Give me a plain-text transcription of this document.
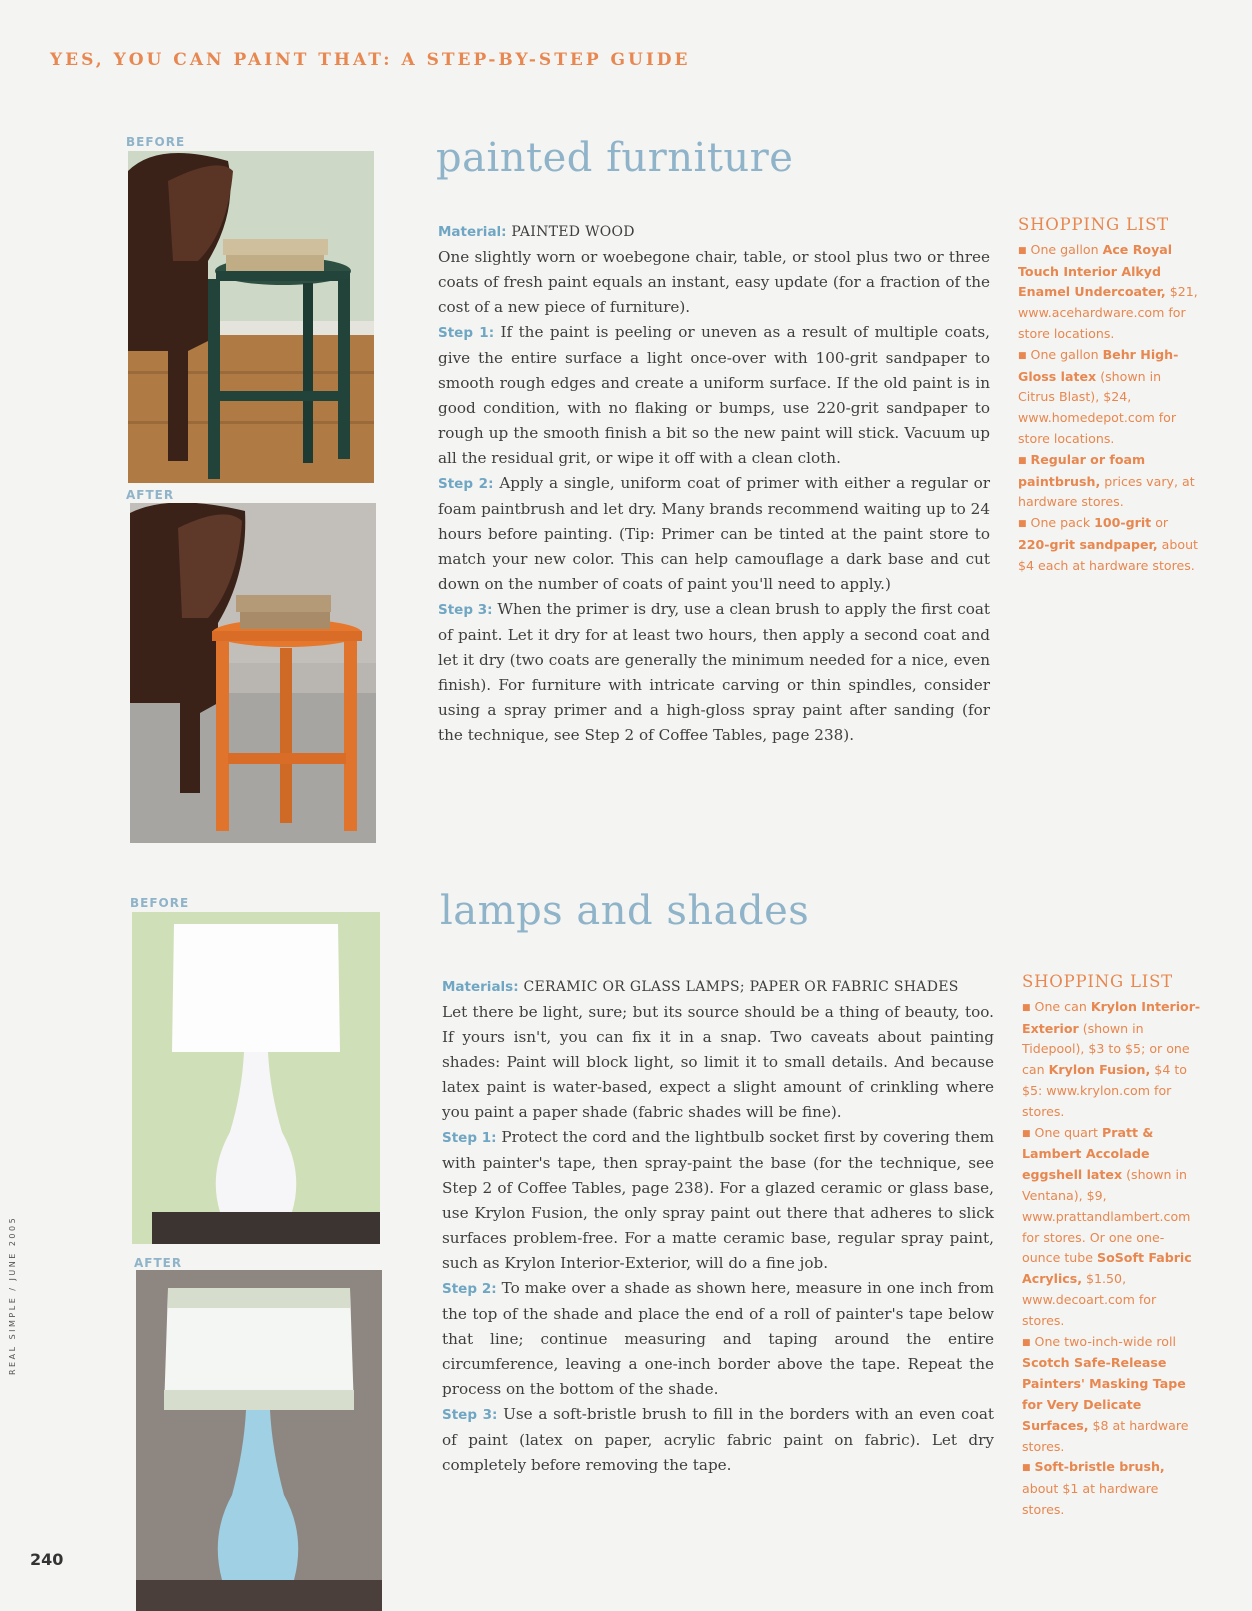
YES, YOU CAN PAINT THAT: A STEP-BY-STEP GUIDE
BEFORE
AFTER
painted furniture

Material: PAINTED WOOD

One slightly worn or woebegone chair, table, or stool plus two or three coats of fresh paint equals an instant, easy update (for a fraction of the cost of a new piece of furniture).

Step 1: If the paint is peeling or uneven as a result of multiple coats, give the entire surface a light once-over with 100-grit sandpaper to smooth rough edges and create a uniform surface. If the old paint is in good condition, with no flaking or bumps, use 220-grit sandpaper to rough up the smooth finish a bit so the new paint will stick. Vacuum up all the residual grit, or wipe it off with a clean cloth.

Step 2: Apply a single, uniform coat of primer with either a regular or foam paintbrush and let dry. Many brands recommend waiting up to 24 hours before painting. (Tip: Primer can be tinted at the paint store to match your new color. This can help camouflage a dark base and cut down on the number of coats of paint you'll need to apply.)

Step 3: When the primer is dry, use a clean brush to apply the first coat of paint. Let it dry for at least two hours, then apply a second coat and let it dry (two coats are generally the minimum needed for a nice, even finish). For furniture with intricate carving or thin spindles, consider using a spray primer and a high-gloss spray paint after sanding (for the technique, see Step 2 of Coffee Tables, page 238).

SHOPPING LIST
■ One gallon Ace Royal Touch Interior Alkyd Enamel Undercoater, $21, www.acehardware.com for store locations.
■ One gallon Behr High-Gloss latex (shown in Citrus Blast), $24, www.homedepot.com for store locations.
■ Regular or foam paintbrush, prices vary, at hardware stores.
■ One pack 100-grit or 220-grit sandpaper, about $4 each at hardware stores.
BEFORE
AFTER
lamps and shades

Materials: CERAMIC OR GLASS LAMPS; PAPER OR FABRIC SHADES

Let there be light, sure; but its source should be a thing of beauty, too. If yours isn't, you can fix it in a snap. Two caveats about painting shades: Paint will block light, so limit it to small details. And because latex paint is water-based, expect a slight amount of crinkling where you paint a paper shade (fabric shades will be fine).

Step 1: Protect the cord and the lightbulb socket first by covering them with painter's tape, then spray-paint the base (for the technique, see Step 2 of Coffee Tables, page 238). For a glazed ceramic or glass base, use Krylon Fusion, the only spray paint out there that adheres to slick surfaces problem-free. For a matte ceramic base, regular spray paint, such as Krylon Interior-Exterior, will do a fine job.

Step 2: To make over a shade as shown here, measure in one inch from the top of the shade and place the end of a roll of painter's tape below that line; continue measuring and taping around the entire circumference, leaving a one-inch border above the tape. Repeat the process on the bottom of the shade.

Step 3: Use a soft-bristle brush to fill in the borders with an even coat of paint (latex on paper, acrylic fabric paint on fabric). Let dry completely before removing the tape.

SHOPPING LIST
■ One can Krylon Interior-Exterior (shown in Tidepool), $3 to $5; or one can Krylon Fusion, $4 to $5: www.krylon.com for stores.
■ One quart Pratt & Lambert Accolade eggshell latex (shown in Ventana), $9, www.prattandlambert.com for stores. Or one one-ounce tube SoSoft Fabric Acrylics, $1.50, www.decoart.com for stores.
■ One two-inch-wide roll Scotch Safe-Release Painters' Masking Tape for Very Delicate Surfaces, $8 at hardware stores.
■ Soft-bristle brush, about $1 at hardware stores.
REAL SIMPLE / JUNE 2005
240
